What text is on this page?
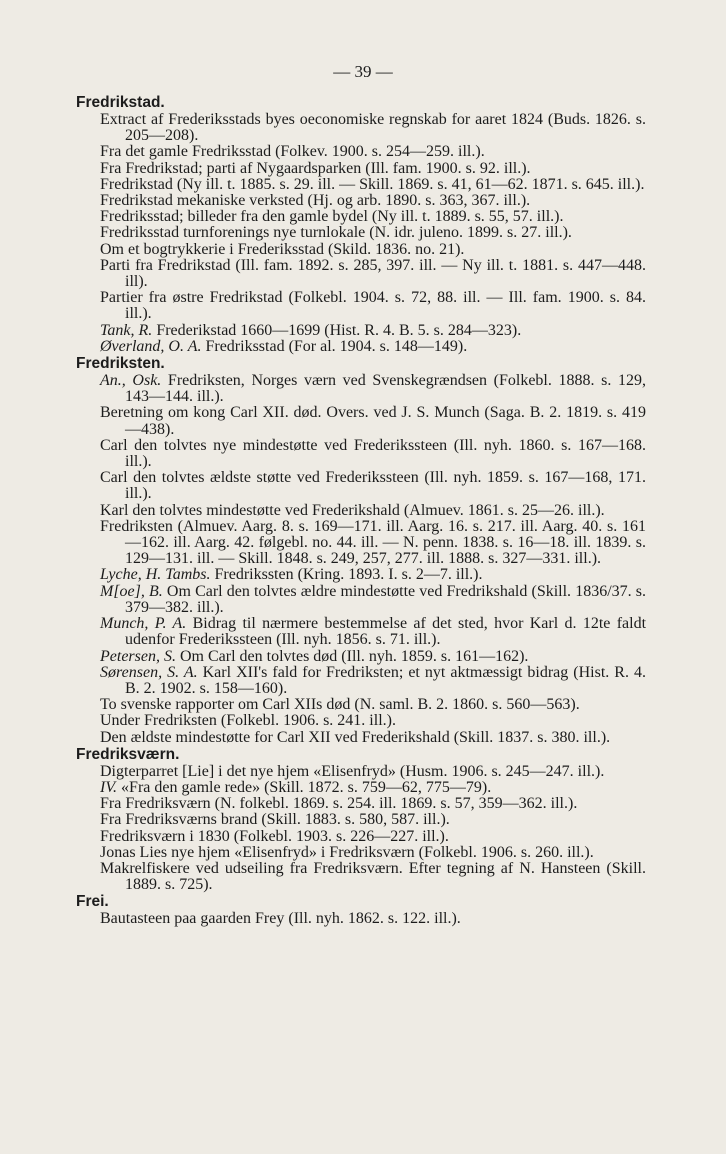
— 39 —
Fredrikstad.
Extract af Frederiksstads byes oeconomiske regnskab for aaret 1824 (Buds. 1826. s. 205—208).
Fra det gamle Fredriksstad (Folkev. 1900. s. 254—259. ill.).
Fra Fredrikstad; parti af Nygaardsparken (Ill. fam. 1900. s. 92. ill.).
Fredrikstad (Ny ill. t. 1885. s. 29. ill. — Skill. 1869. s. 41, 61—62. 1871. s. 645. ill.).
Fredrikstad mekaniske verksted (Hj. og arb. 1890. s. 363, 367. ill.).
Fredriksstad; billeder fra den gamle bydel (Ny ill. t. 1889. s. 55, 57. ill.).
Fredriksstad turnforenings nye turnlokale (N. idr. juleno. 1899. s. 27. ill.).
Om et bogtrykkerie i Frederiksstad (Skild. 1836. no. 21).
Parti fra Fredrikstad (Ill. fam. 1892. s. 285, 397. ill. — Ny ill. t. 1881. s. 447—448. ill).
Partier fra østre Fredrikstad (Folkebl. 1904. s. 72, 88. ill. — Ill. fam. 1900. s. 84. ill.).
Tank, R. Frederikstad 1660—1699 (Hist. R. 4. B. 5. s. 284—323).
Øverland, O. A. Fredriksstad (For al. 1904. s. 148—149).
Fredriksten.
An., Osk. Fredriksten, Norges værn ved Svenskegrændsen (Folkebl. 1888. s. 129, 143—144. ill.).
Beretning om kong Carl XII. død. Overs. ved J. S. Munch (Saga. B. 2. 1819. s. 419—438).
Carl den tolvtes nye mindestøtte ved Frederikssteen (Ill. nyh. 1860. s. 167—168. ill.).
Carl den tolvtes ældste støtte ved Frederikssteen (Ill. nyh. 1859. s. 167—168, 171. ill.).
Karl den tolvtes mindestøtte ved Frederikshald (Almuev. 1861. s. 25—26. ill.).
Fredriksten (Almuev. Aarg. 8. s. 169—171. ill. Aarg. 16. s. 217. ill. Aarg. 40. s. 161—162. ill. Aarg. 42. følgebl. no. 44. ill. — N. penn. 1838. s. 16—18. ill. 1839. s. 129—131. ill. — Skill. 1848. s. 249, 257, 277. ill. 1888. s. 327—331. ill.).
Lyche, H. Tambs. Fredrikssten (Kring. 1893. I. s. 2—7. ill.).
M[oe], B. Om Carl den tolvtes ældre mindestøtte ved Fredrikshald (Skill. 1836/37. s. 379—382. ill.).
Munch, P. A. Bidrag til nærmere bestemmelse af det sted, hvor Karl d. 12te faldt udenfor Frederikssteen (Ill. nyh. 1856. s. 71. ill.).
Petersen, S. Om Carl den tolvtes død (Ill. nyh. 1859. s. 161—162).
Sørensen, S. A. Karl XII's fald for Fredriksten; et nyt aktmæssigt bidrag (Hist. R. 4. B. 2. 1902. s. 158—160).
To svenske rapporter om Carl XIIs død (N. saml. B. 2. 1860. s. 560—563).
Under Fredriksten (Folkebl. 1906. s. 241. ill.).
Den ældste mindestøtte for Carl XII ved Frederikshald (Skill. 1837. s. 380. ill.).
Fredriksværn.
Digterparret [Lie] i det nye hjem «Elisenfryd» (Husm. 1906. s. 245—247. ill.).
IV. «Fra den gamle rede» (Skill. 1872. s. 759—62, 775—79).
Fra Fredriksværn (N. folkebl. 1869. s. 254. ill. 1869. s. 57, 359—362. ill.).
Fra Fredriksværns brand (Skill. 1883. s. 580, 587. ill.).
Fredriksværn i 1830 (Folkebl. 1903. s. 226—227. ill.).
Jonas Lies nye hjem «Elisenfryd» i Fredriksværn (Folkebl. 1906. s. 260. ill.).
Makrelfiskere ved udseiling fra Fredriksværn. Efter tegning af N. Hansteen (Skill. 1889. s. 725).
Frei.
Bautasteen paa gaarden Frey (Ill. nyh. 1862. s. 122. ill.).
